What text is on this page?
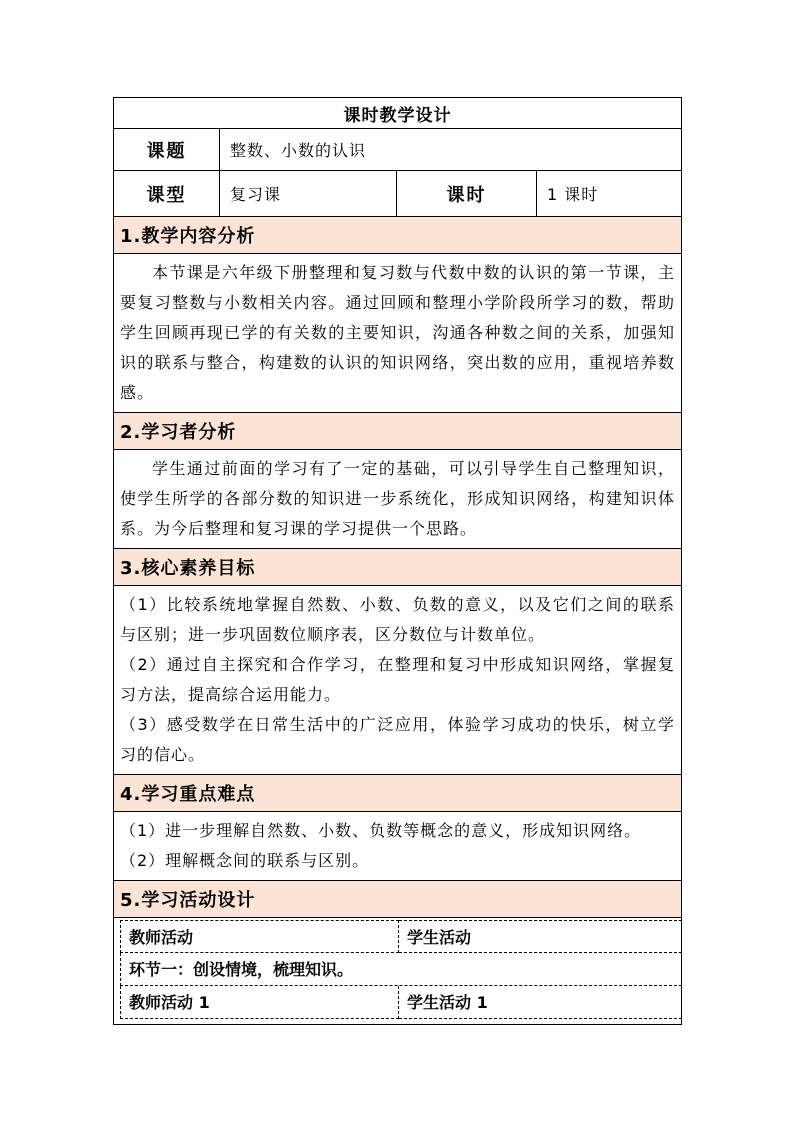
课时教学设计			
课题	整数、小数的认识		
课型	复习课	课时	1 课时
1.教学内容分析			

本节课是六年级下册整理和复习数与代数中数的认识的第一节课，主要复习整数与小数相关内容。通过回顾和整理小学阶段所学习的数，帮助学生回顾再现已学的有关数的主要知识，沟通各种数之间的关系，加强知识的联系与整合，构建数的认识的知识网络，突出数的应用，重视培养数感。			

2.学习者分析			

学生通过前面的学习有了一定的基础，可以引导学生自己整理知识，使学生所学的各部分数的知识进一步系统化，形成知识网络，构建知识体系。为今后整理和复习课的学习提供一个思路。			

3.核心素养目标			

（1）比较系统地掌握自然数、小数、负数的意义，以及它们之间的联系与区别；进一步巩固数位顺序表，区分数位与计数单位。

（2）通过自主探究和合作学习，在整理和复习中形成知识网络，掌握复习方法，提高综合运用能力。

（3）感受数学在日常生活中的广泛应用，体验学习成功的快乐，树立学习的信心。			

4.学习重点难点			

（1）进一步理解自然数、小数、负数等概念的意义，形成知识网络。

（2）理解概念间的联系与区别。			

5.学习活动设计			

教师活动 学生活动
环节一：创设情境，梳理知识。
教师活动 1 学生活动 1			
